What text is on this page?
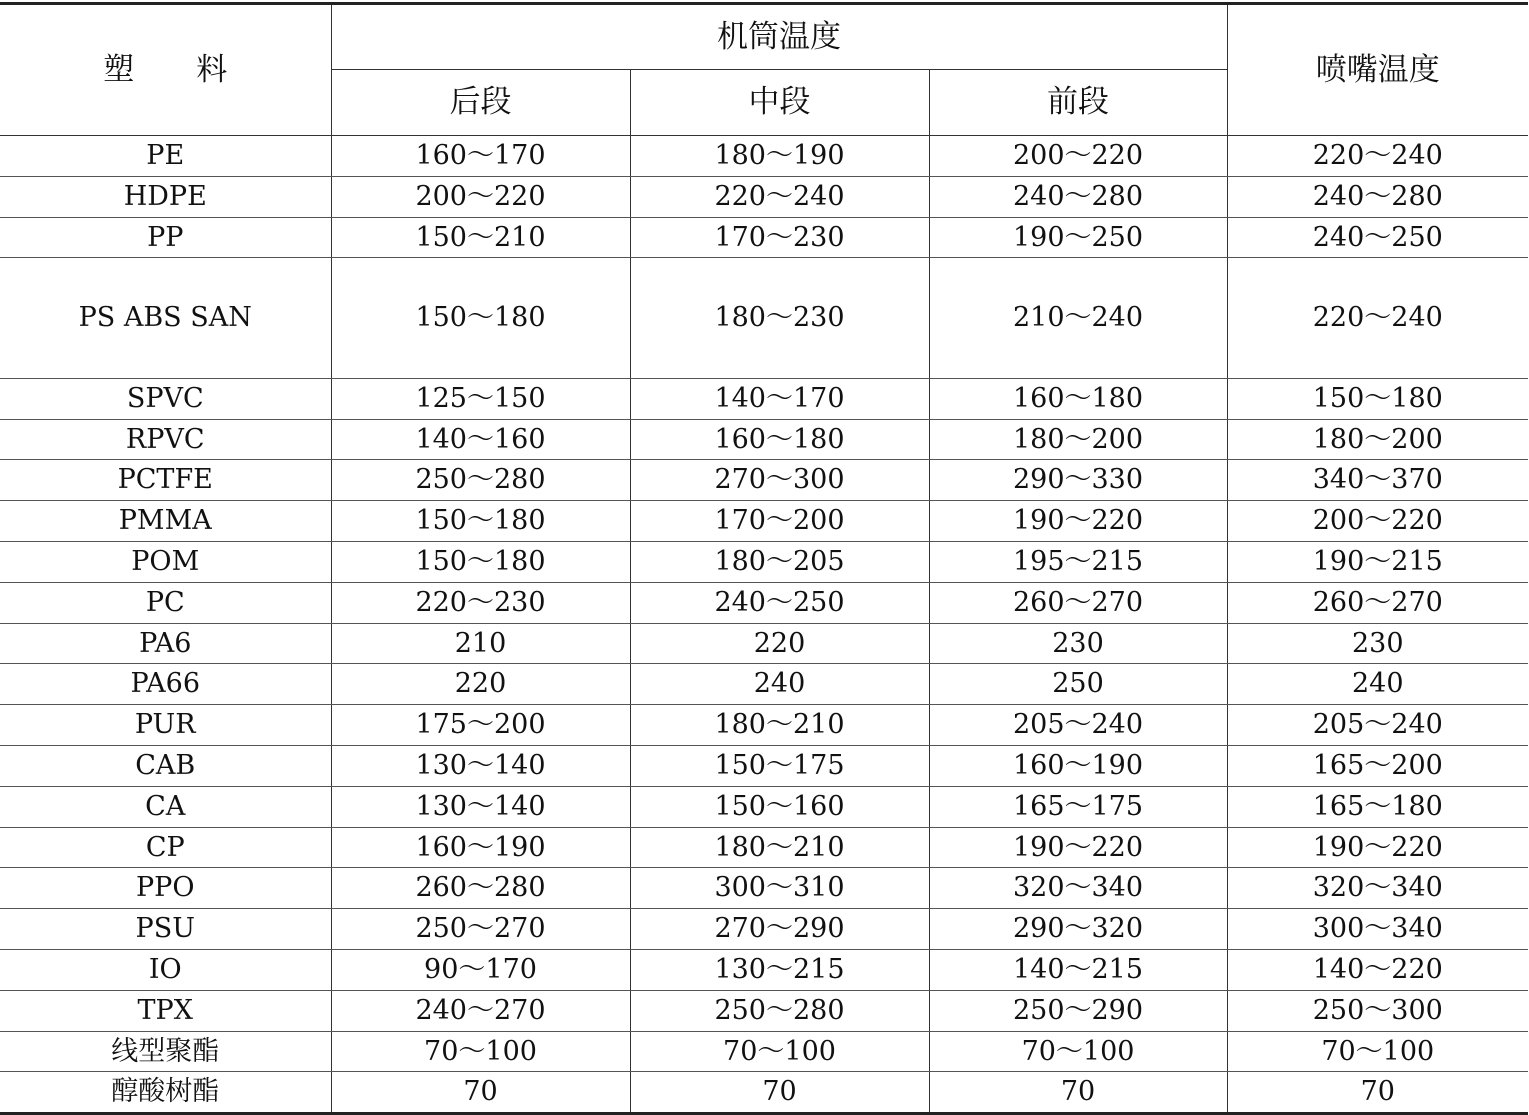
塑　　料	机筒温度			喷嘴温度
	后段	中段	前段	
PE	160～170	180～190	200～220	220～240
HDPE	200～220	220～240	240～280	240～280
PP	150～210	170～230	190～250	240～250
PS ABS SAN	150～180	180～230	210～240	220～240
SPVC	125～150	140～170	160～180	150～180
RPVC	140～160	160～180	180～200	180～200
PCTFE	250～280	270～300	290～330	340～370
PMMA	150～180	170～200	190～220	200～220
POM	150～180	180～205	195～215	190～215
PC	220～230	240～250	260～270	260～270
PA6	210	220	230	230
PA66	220	240	250	240
PUR	175～200	180～210	205～240	205～240
CAB	130～140	150～175	160～190	165～200
CA	130～140	150～160	165～175	165～180
CP	160～190	180～210	190～220	190～220
PPO	260～280	300～310	320～340	320～340
PSU	250～270	270～290	290～320	300～340
IO	90～170	130～215	140～215	140～220
TPX	240～270	250～280	250～290	250～300
线型聚酯	70～100	70～100	70～100	70～100
醇酸树酯	70	70	70	70
